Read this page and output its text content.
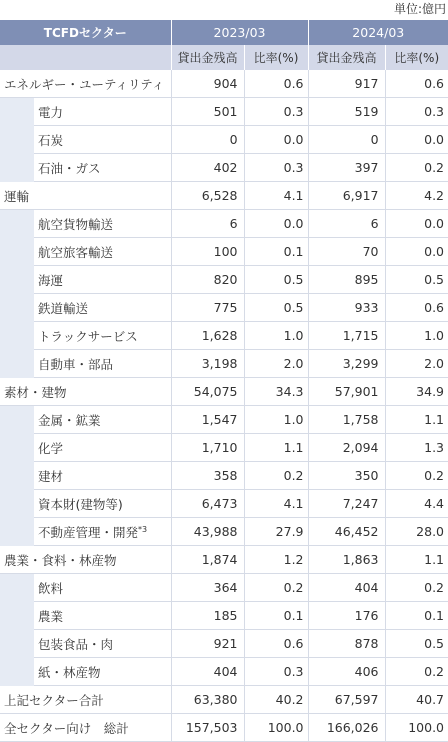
単位:億円
TCFDセクター		2023/03		2024/03	
		貸出金残高	比率(%)	貸出金残高	比率(%)
エネルギー・ユーティリティ		904	0.6	917	0.6
	電力	501	0.3	519	0.3
	石炭	0	0.0	0	0.0
	石油・ガス	402	0.3	397	0.2
運輸		6,528	4.1	6,917	4.2
	航空貨物輸送	6	0.0	6	0.0
	航空旅客輸送	100	0.1	70	0.0
	海運	820	0.5	895	0.5
	鉄道輸送	775	0.5	933	0.6
	トラックサービス	1,628	1.0	1,715	1.0
	自動車・部品	3,198	2.0	3,299	2.0
素材・建物		54,075	34.3	57,901	34.9
	金属・鉱業	1,547	1.0	1,758	1.1
	化学	1,710	1.1	2,094	1.3
	建材	358	0.2	350	0.2
	資本財(建物等)	6,473	4.1	7,247	4.4
	不動産管理・開発$^{*3}$	43,988	27.9	46,452	28.0
農業・食料・林産物		1,874	1.2	1,863	1.1
	飲料	364	0.2	404	0.2
	農業	185	0.1	176	0.1
	包装食品・肉	921	0.6	878	0.5
	紙・林産物	404	0.3	406	0.2
上記セクター合計		63,380	40.2	67,597	40.7
全セクター向け　総計		157,503	100.0	166,026	100.0
